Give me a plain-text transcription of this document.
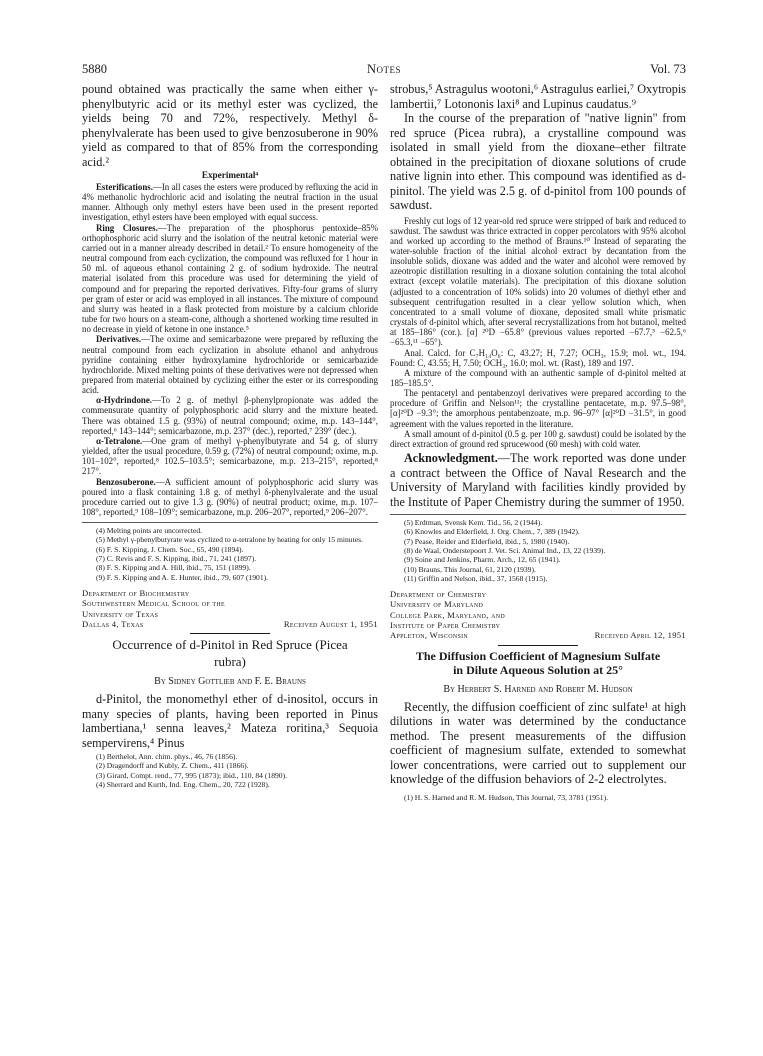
5880	Notes	Vol. 73

pound obtained was practically the same when either γ-phenylbutyric acid or its methyl ester was cyclized, the yields being 70 and 72%, respectively. Methyl δ-phenylvalerate has been used to give benzosuberone in 90% yield as compared to that of 85% from the corresponding acid.²

Experimental⁴

Esterifications.—In all cases the esters were produced by refluxing the acid in 4% methanolic hydrochloric acid and isolating the neutral fraction in the usual manner. Although only methyl esters have been used in the present reported investigation, ethyl esters have been employed with equal success.

Ring Closures.—The preparation of the phosphorus pentoxide–85% orthophosphoric acid slurry and the isolation of the neutral ketonic material were carried out in a manner already described in detail.² To ensure homogeneity of the neutral compound from each cyclization, the compound was refluxed for 1 hour in 50 ml. of aqueous ethanol containing 2 g. of sodium hydroxide. The neutral material isolated from this procedure was used for determining the yield of compound and for preparing the reported derivatives. Fifty-four grams of slurry per gram of ester or acid was employed in all instances. The mixture of compound and slurry was heated in a flask protected from moisture by a calcium chloride tube for two hours on a steam-cone, although a shortened working time resulted in no decrease in yield of ketone in one instance.⁵

Derivatives.—The oxime and semicarbazone were prepared by refluxing the neutral compound from each cyclization in absolute ethanol and anhydrous pyridine containing either hydroxylamine hydrochloride or semicarbazide hydrochloride. Mixed melting points of these derivatives were not depressed when prepared from material obtained by cyclizing either the ester or its corresponding acid.

α-Hydrindone.—To 2 g. of methyl β-phenylpropionate was added the commensurate quantity of polyphosphoric acid slurry and the mixture heated. There was obtained 1.5 g. (93%) of neutral compound; oxime, m.p. 143–144°, reported,⁶ 143–144°; semicarbazone, m.p. 237° (dec.), reported,⁷ 239° (dec.).

α-Tetralone.—One gram of methyl γ-phenylbutyrate and 54 g. of slurry yielded, after the usual procedure, 0.59 g. (72%) of neutral compound; oxime, m.p. 101–102°, reported,⁸ 102.5–103.5°; semicarbazone, m.p. 213–215°, reported,⁸ 217°.

Benzosuberone.—A sufficient amount of polyphosphoric acid slurry was poured into a flask containing 1.8 g. of methyl δ-phenylvalerate and the usual procedure carried out to give 1.3 g. (90%) of neutral product; oxime, m.p. 107–108°, reported,⁹ 108–109°; semicarbazone, m.p. 206–207°, reported,⁹ 206–207°.

(4) Melting points are uncorrected.
(5) Methyl γ-phenylbutyrate was cyclized to α-tetralone by heating for only 15 minutes.
(6) F. S. Kipping, J. Chem. Soc., 65, 490 (1894).
(7) C. Revis and F. S. Kipping, ibid., 71, 241 (1897).
(8) F. S. Kipping and A. Hill, ibid., 75, 151 (1899).
(9) F. S. Kipping and A. E. Hunter, ibid., 79, 607 (1901).
Department of Biochemistry
Southwestern Medical School of the
University of Texas
Dallas 4, Texas	Received August 1, 1951
Occurrence of d-Pinitol in Red Spruce (Picea
rubra)
By Sidney Gottlieb and F. E. Brauns

d-Pinitol, the monomethyl ether of d-inositol, occurs in many species of plants, having been reported in Pinus lambertiana,¹ senna leaves,² Mateza roritina,³ Sequoia sempervirens,⁴ Pinus

(1) Berthelot, Ann. chim. phys., 46, 76 (1856).
(2) Dragendorff and Kubly, Z. Chem., 411 (1866).
(3) Girard, Compt. rend., 77, 995 (1873); ibid., 110, 84 (1890).
(4) Sherrard and Kurth, Ind. Eng. Chem., 20, 722 (1928).

strobus,⁵ Astragulus wootoni,⁶ Astragulus earliei,⁷ Oxytropis lambertii,⁷ Lotononis laxi⁸ and Lupinus caudatus.⁹

In the course of the preparation of "native lignin" from red spruce (Picea rubra), a crystalline compound was isolated in small yield from the dioxane–ether filtrate obtained in the precipitation of dioxane solutions of crude native lignin into ether. This compound was identified as d-pinitol. The yield was 2.5 g. of d-pinitol from 100 pounds of sawdust.

Freshly cut logs of 12 year-old red spruce were stripped of bark and reduced to sawdust. The sawdust was thrice extracted in copper percolators with 95% alcohol and worked up according to the method of Brauns.¹⁰ Instead of separating the water-soluble fraction of the initial alcohol extract by decantation from the insoluble solids, dioxane was added and the water and alcohol were removed by azeotropic distillation resulting in a dioxane solution containing the total alcohol extract (except volatile materials). The precipitation of this dioxane solution (adjusted to a concentration of 10% solids) into 20 volumes of diethyl ether and subsequent centrifugation resulted in a clear yellow solution which, when concentrated to a small volume of dioxane, deposited small white prismatic crystals of d-pinitol which, after several recrystallizations from hot butanol, melted at 185–186° (cor.). [α] ²⁰D −65.8° (previous values reported −67.7,⁵ −62.5,⁶ −65.3,¹¹ −65°).

Anal. Calcd. for C₇H₁₄O₆: C, 43.27; H, 7.27; OCH₃, 15.9; mol. wt., 194. Found: C, 43.55; H, 7.50; OCH₃, 16.0; mol. wt. (Rast), 189 and 197.

A mixture of the compound with an authentic sample of d-pinitol melted at 185–185.5°.

The pentacetyl and pentabenzoyl derivatives were prepared according to the procedure of Griffin and Nelson¹¹; the crystalline pentacetate, m.p. 97.5–98°, [α]²⁰D −9.3°; the amorphous pentabenzoate, m.p. 96–97° [α]²⁰D −31.5°, in good agreement with the values reported in the literature.

A small amount of d-pinitol (0.5 g. per 100 g. sawdust) could be isolated by the direct extraction of ground red sprucewood (60 mesh) with cold water.

Acknowledgment.—The work reported was done under a contract between the Office of Naval Research and the University of Maryland with facilities kindly provided by the Institute of Paper Chemistry during the summer of 1950.

(5) Erdtman, Svensk Kem. Tid., 56, 2 (1944).
(6) Knowles and Elderfield, J. Org. Chem., 7, 389 (1942).
(7) Pease, Reider and Elderfield, ibid., 5, 1980 (1940).
(8) de Waal, Onderstepoort J. Vet. Sci. Animal Ind., 13, 22 (1939).
(9) Soine and Jenkins, Pharm. Arch., 12, 65 (1941).
(10) Brauns, This Journal, 61, 2120 (1939).
(11) Griffin and Nelson, ibid., 37, 1568 (1915).
Department of Chemistry
University of Maryland
College Park, Maryland, and
Institute of Paper Chemistry
Appleton, Wisconsin	Received April 12, 1951
The Diffusion Coefficient of Magnesium Sulfate
in Dilute Aqueous Solution at 25°
By Herbert S. Harned and Robert M. Hudson

Recently, the diffusion coefficient of zinc sulfate¹ at high dilutions in water was determined by the conductance method. The present measurements of the diffusion coefficient of magnesium sulfate, extended to somewhat lower concentrations, were carried out to supplement our knowledge of the diffusion behaviors of 2-2 electrolytes.

(1) H. S. Harned and R. M. Hudson, This Journal, 73, 3781 (1951).
